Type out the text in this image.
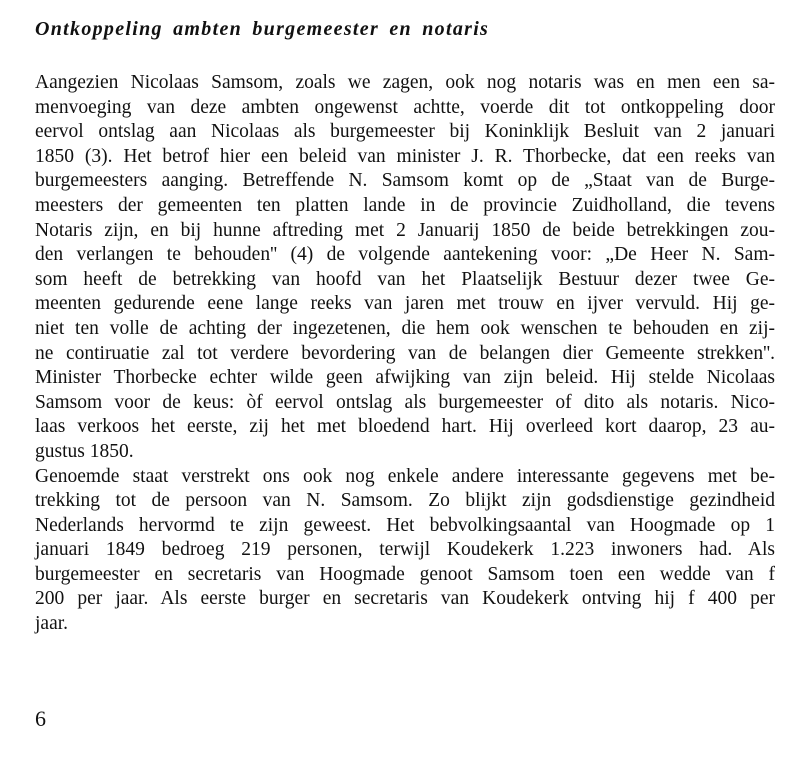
Ontkoppeling ambten burgemeester en notaris
Aangezien Nicolaas Samsom, zoals we zagen, ook nog notaris was en men een sa-
menvoeging van deze ambten ongewenst achtte, voerde dit tot ontkoppeling door
eervol ontslag aan Nicolaas als burgemeester bij Koninklijk Besluit van 2 januari
1850 (3). Het betrof hier een beleid van minister J. R. Thorbecke, dat een reeks van
burgemeesters aanging. Betreffende N. Samsom komt op de „Staat van de Burge-
meesters der gemeenten ten platten lande in de provincie Zuidholland, die tevens
Notaris zijn, en bij hunne aftreding met 2 Januarij 1850 de beide betrekkingen zou-
den verlangen te behouden'' (4) de volgende aantekening voor: „De Heer N. Sam-
som heeft de betrekking van hoofd van het Plaatselijk Bestuur dezer twee Ge-
meenten gedurende eene lange reeks van jaren met trouw en ijver vervuld. Hij ge-
niet ten volle de achting der ingezetenen, die hem ook wenschen te behouden en zij-
ne contiruatie zal tot verdere bevordering van de belangen dier Gemeente strekken''.
Minister Thorbecke echter wilde geen afwijking van zijn beleid. Hij stelde Nicolaas
Samsom voor de keus: òf eervol ontslag als burgemeester of dito als notaris. Nico-
laas verkoos het eerste, zij het met bloedend hart. Hij overleed kort daarop, 23 au-
gustus 1850.
Genoemde staat verstrekt ons ook nog enkele andere interessante gegevens met be-
trekking tot de persoon van N. Samsom. Zo blijkt zijn godsdienstige gezindheid
Nederlands hervormd te zijn geweest. Het bebvolkingsaantal van Hoogmade op 1
januari 1849 bedroeg 219 personen, terwijl Koudekerk 1.223 inwoners had. Als
burgemeester en secretaris van Hoogmade genoot Samsom toen een wedde van f
200 per jaar. Als eerste burger en secretaris van Koudekerk ontving hij f 400 per
jaar.
6
